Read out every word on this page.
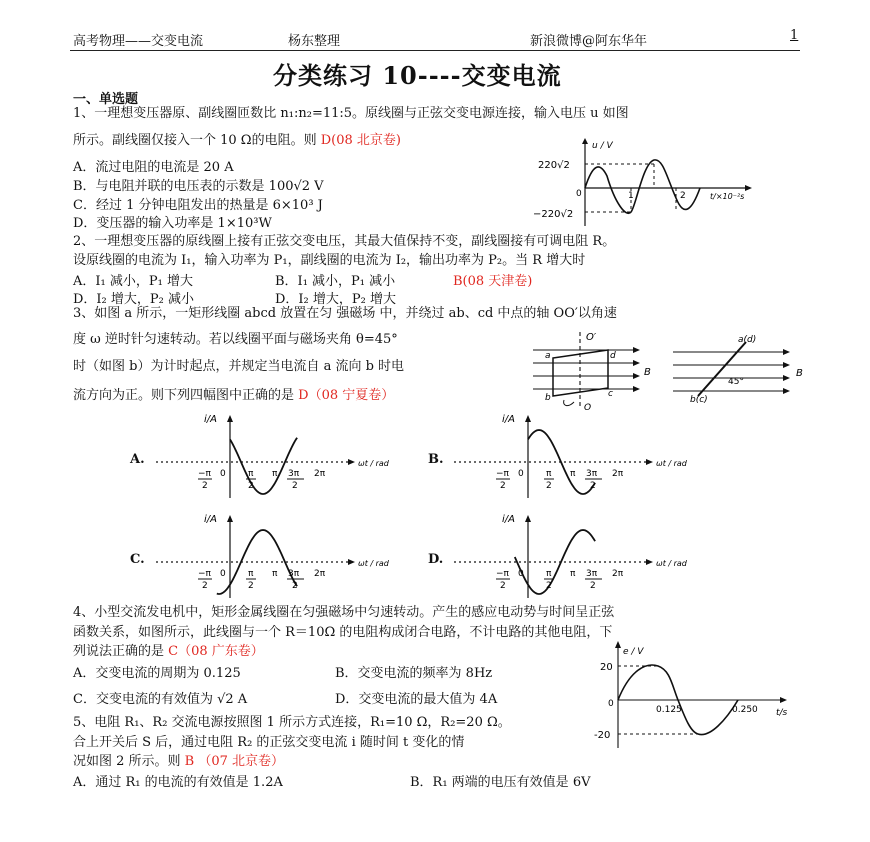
高考物理——交变电流	杨东整理	新浪微博@阿东华年	1
分类练习 10----交变电流
一、单选题
1、一理想变压器原、副线圈匝数比 n₁:n₂=11:5。原线圈与正弦交变电源连接，输入电压 u 如图
所示。副线圈仅接入一个 10 Ω的电阻。则 D(08 北京卷)
A．流过电阻的电流是 20 A
B．与电阻并联的电压表的示数是 100√2 V
C．经过 1 分钟电阻发出的热量是 6×10³ J
D．变压器的输入功率是 1×10³W
u / V
220√2
−220√2
0	1	2	t/×10⁻²s
2、一理想变压器的原线圈上接有正弦交变电压，其最大值保持不变，副线圈接有可调电阻 R。
设原线圈的电流为 I₁，输入功率为 P₁，副线圈的电流为 I₂，输出功率为 P₂。当 R 增大时
A．I₁ 减小，P₁ 增大	B．I₁ 减小，P₁ 减小	B(08 天津卷)
D．I₂ 增大，P₂ 减小	D．I₂ 增大，P₂ 增大
3、如图 a 所示，一矩形线圈 abcd 放置在匀 强磁场 中，并绕过 ab、cd 中点的轴 OO′以角速
度 ω 逆时针匀速转动。若以线圈平面与磁场夹角 θ=45°
时（如图 b）为计时起点，并规定当电流自 a 流向 b 时电
流方向为正。则下列四幅图中正确的是 D（08 宁夏卷）
O′
O
a
b	c
d
B
a(d)
b(c)
45°
B
A.	B.
C.	D.
i/A
ωt / rad
0
−π
2
π
2
3π
2
π	2π
i/A
ωt / rad
0
−π
2
π
2
3π
2
π	2π
i/A
ωt / rad
0
−π
2
π
2
3π
2
π	2π
i/A
ωt / rad
0
−π
2
π
2
3π
2
π	2π
4、小型交流发电机中，矩形金属线圈在匀强磁场中匀速转动。产生的感应电动势与时间呈正弦
函数关系，如图所示，此线圈与一个 R＝10Ω 的电阻构成闭合电路，不计电路的其他电阻，下
列说法正确的是 C（08 广东卷）
A．交变电流的周期为 0.125	B．交变电流的频率为 8Hz
C．交变电流的有效值为 √2 A	D．交变电流的最大值为 4A
e / V
20
-20
0
0.125	0.250 t/s
5、电阻 R₁、R₂ 交流电源按照图 1 所示方式连接，R₁=10 Ω，R₂=20 Ω。
合上开关后 S 后，通过电阻 R₂ 的正弦交变电流 i 随时间 t 变化的情
况如图 2 所示。则 B （07 北京卷）
A．通过 R₁ 的电流的有效值是 1.2A	B．R₁ 两端的电压有效值是 6V
